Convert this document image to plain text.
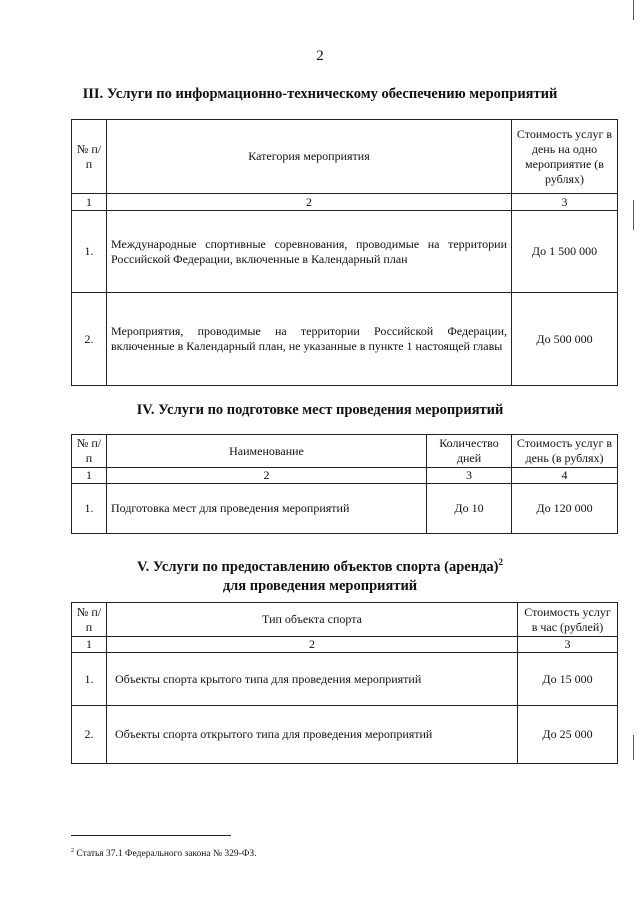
2
III. Услуги по информационно-техническому обеспечению мероприятий
№ п/п	Категория мероприятия	Стоимость услуг в день на одно мероприятие (в рублях)
1	2	3
1.	Международные спортивные соревнования, проводимые на территории Российской Федерации, включенные в Календарный план	До 1 500 000
2.	Мероприятия, проводимые на территории Российской Федерации, включенные в Календарный план, не указанные в пункте 1 настоящей главы	До 500 000
IV. Услуги по подготовке мест проведения мероприятий
№ п/п	Наименование	Количество дней	Стоимость услуг в день (в рублях)
1	2	3	4
1.	Подготовка мест для проведения мероприятий	До 10	До 120 000
V. Услуги по предоставлению объектов спорта (аренда)$^2$
для проведения мероприятий
№ п/п	Тип объекта спорта	Стоимость услуг в час (рублей)
1	2	3
1.	Объекты спорта крытого типа для проведения мероприятий	До 15 000
2.	Объекты спорта открытого типа для проведения мероприятий	До 25 000
$^2$ Статья 37.1 Федерального закона № 329-ФЗ.
